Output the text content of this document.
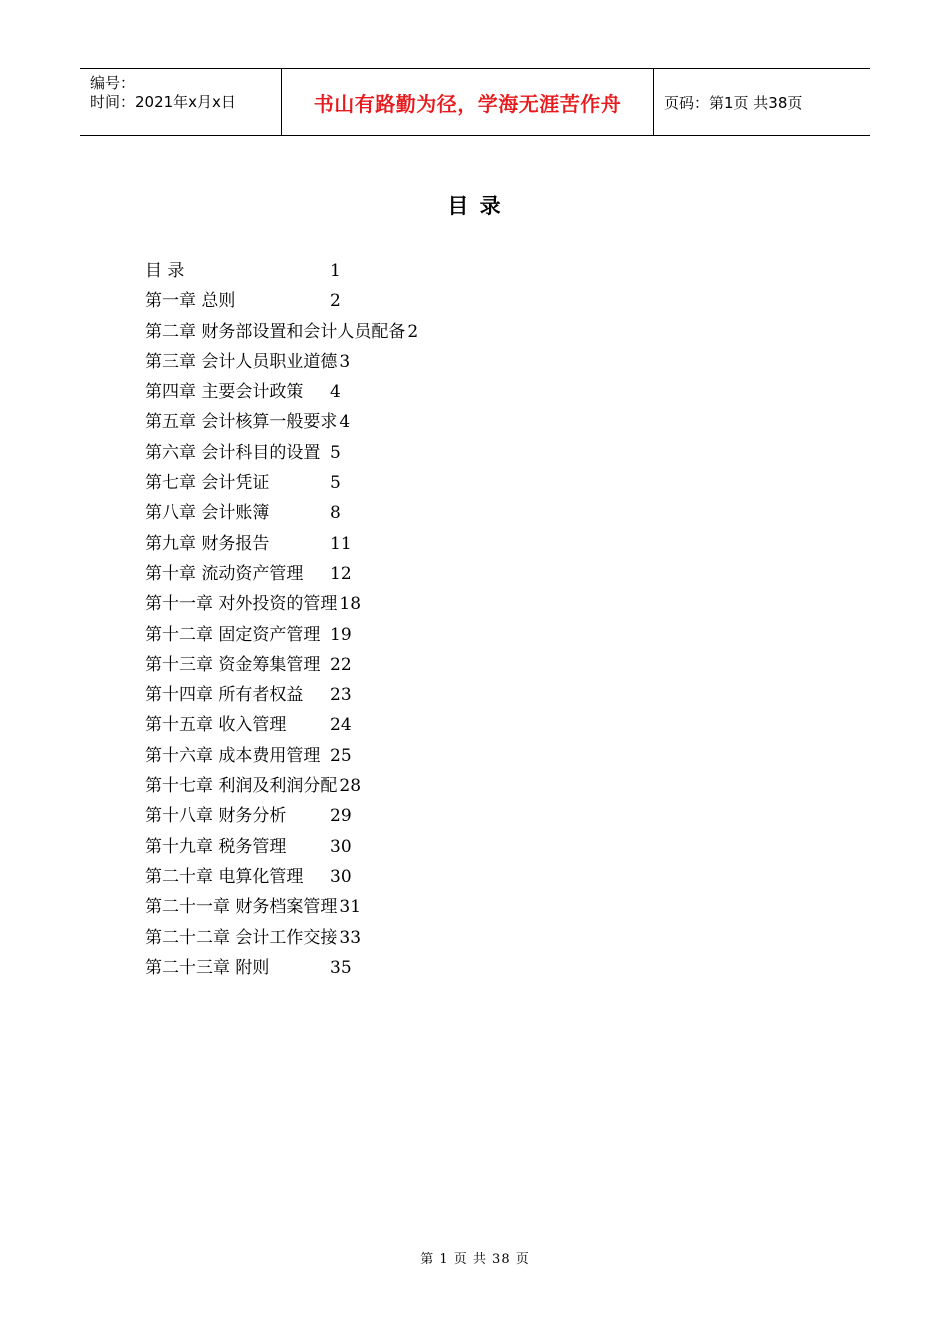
编号：
时间：2021年x月x日	书山有路勤为径，学海无涯苦作舟	页码：第1页 共38页
目 录
目 录	1
第一章 总则	2
第二章 财务部设置和会计人员配备 2
第三章 会计人员职业道德 3
第四章 主要会计政策 4
第五章 会计核算一般要求 4
第六章 会计科目的设置 5
第七章 会计凭证	5
第八章 会计账簿	8
第九章 财务报告	11
第十章 流动资产管理 12
第十一章 对外投资的管理 18
第十二章 固定资产管理 19
第十三章 资金筹集管理 22
第十四章 所有者权益 23
第十五章 收入管理	24
第十六章 成本费用管理 25
第十七章 利润及利润分配 28
第十八章 财务分析	29
第十九章 税务管理	30
第二十章 电算化管理 30
第二十一章 财务档案管理 31
第二十二章 会计工作交接 33
第二十三章 附则	35
第 1 页 共 38 页
